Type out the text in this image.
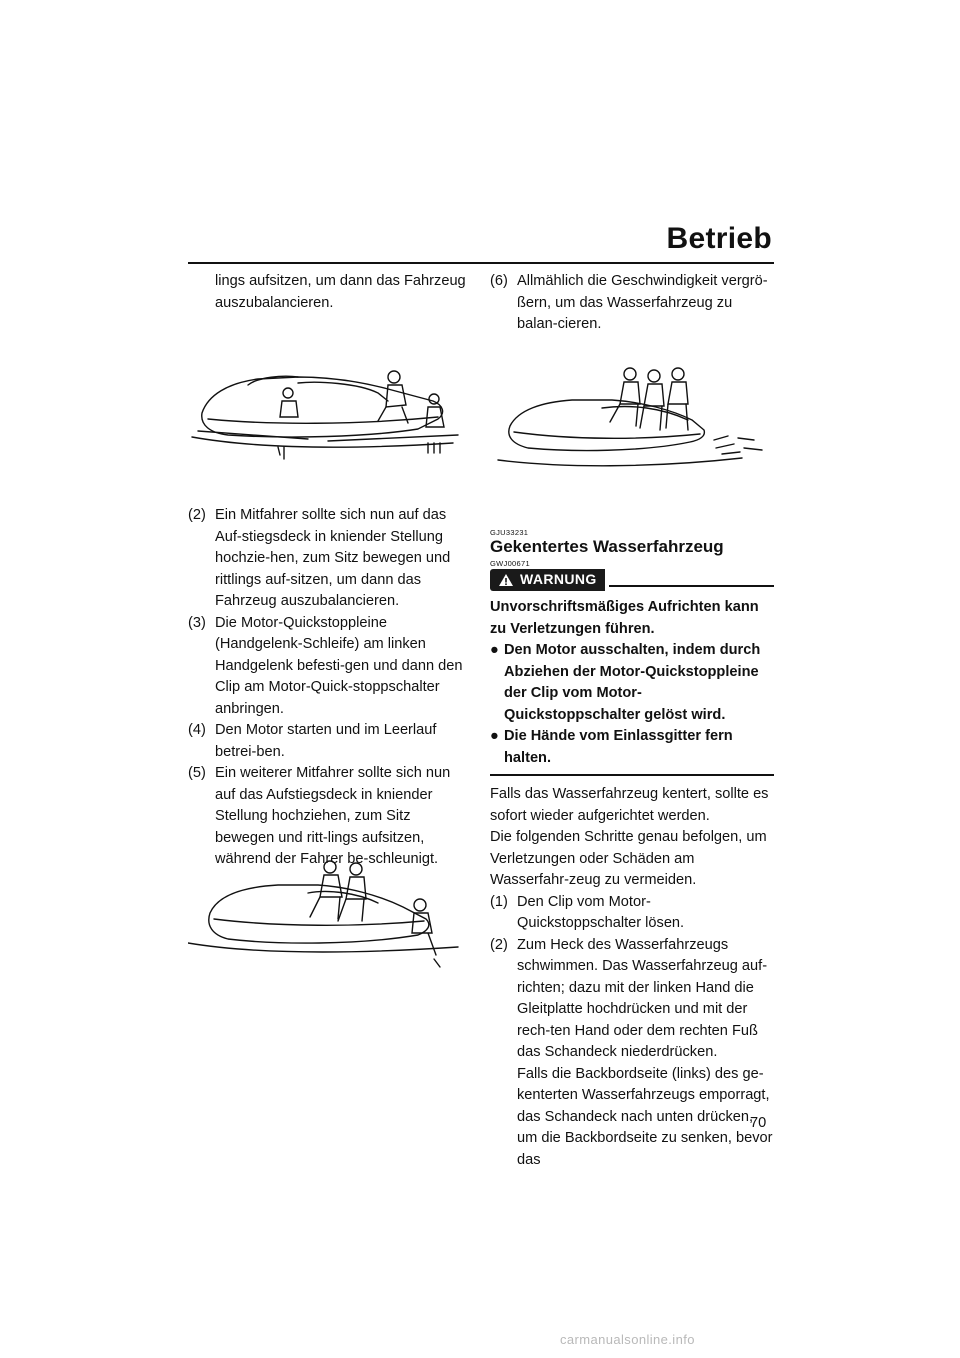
Betrieb

lings aufsitzen, um dann das Fahrzeug auszubalancieren.

(2) Ein Mitfahrer sollte sich nun auf das Auf-stiegsdeck in kniender Stellung hochzie-hen, zum Sitz bewegen und rittlings auf-sitzen, um dann das Fahrzeug auszubalancieren.
(3) Die Motor-Quickstoppleine (Handgelenk-Schleife) am linken Handgelenk befesti-gen und dann den Clip am Motor-Quick-stoppschalter anbringen.
(4) Den Motor starten und im Leerlauf betrei-ben.
(5) Ein weiterer Mitfahrer sollte sich nun auf das Aufstiegsdeck in kniender Stellung hochziehen, zum Sitz bewegen und ritt-lings aufsitzen, während der Fahrer be-schleunigt.
(6) Allmählich die Geschwindigkeit vergrö-ßern, um das Wasserfahrzeug zu balan-cieren.
GJU33231
Gekentertes Wasserfahrzeug
GWJ00671
WARNUNG

Unvorschriftsmäßiges Aufrichten kann zu Verletzungen führen.

● Den Motor ausschalten, indem durch Abziehen der Motor-Quickstoppleine der Clip vom Motor-Quickstoppschalter gelöst wird.
● Die Hände vom Einlassgitter fern halten.

Falls das Wasserfahrzeug kentert, sollte es sofort wieder aufgerichtet werden.

Die folgenden Schritte genau befolgen, um Verletzungen oder Schäden am Wasserfahr-zeug zu vermeiden.

(1) Den Clip vom Motor-Quickstoppschalter lösen.
(2) Zum Heck des Wasserfahrzeugs schwimmen. Das Wasserfahrzeug auf-richten; dazu mit der linken Hand die Gleitplatte hochdrücken und mit der rech-ten Hand oder dem rechten Fuß das Schandeck niederdrücken.

Falls die Backbordseite (links) des ge-kenterten Wasserfahrzeugs emporragt, das Schandeck nach unten drücken, um die Backbordseite zu senken, bevor das

70
carmanualsonline.info
